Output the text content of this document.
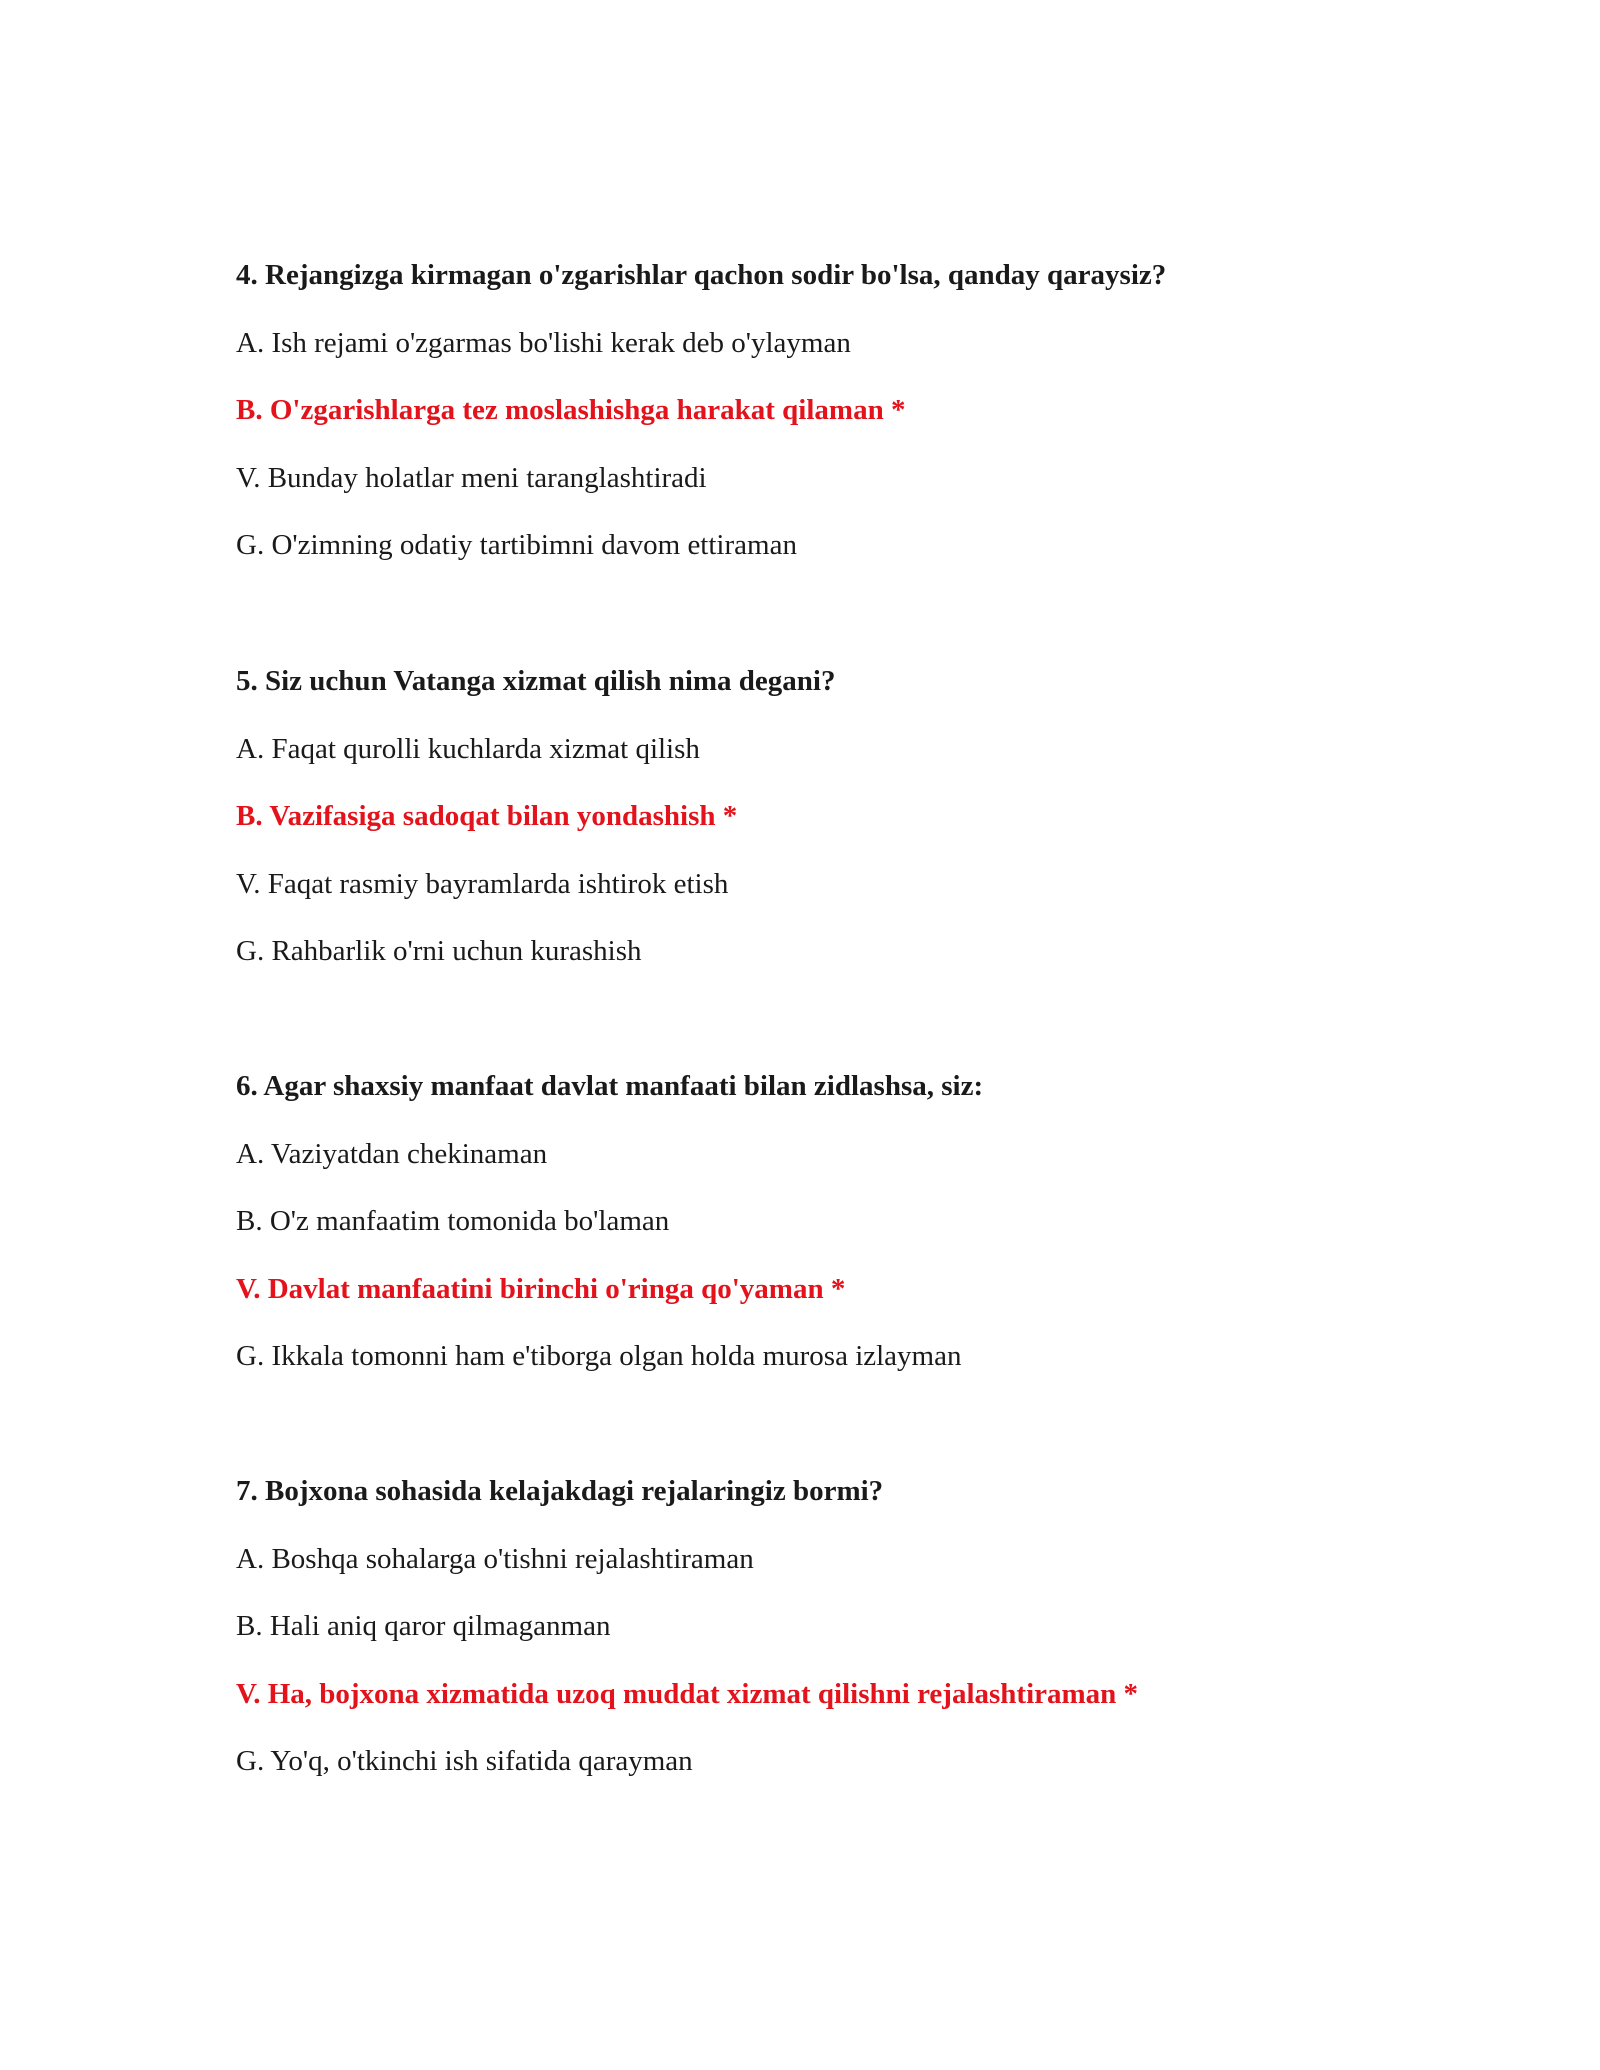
4. Rejangizga kirmagan o'zgarishlar qachon sodir bo'lsa, qanday qaraysiz?

A. Ish rejami o'zgarmas bo'lishi kerak deb o'ylayman
B. O'zgarishlarga tez moslashishga harakat qilaman *
V. Bunday holatlar meni taranglashtiradi
G. O'zimning odatiy tartibimni davom ettiraman

5. Siz uchun Vatanga xizmat qilish nima degani?

A. Faqat qurolli kuchlarda xizmat qilish
B. Vazifasiga sadoqat bilan yondashish *
V. Faqat rasmiy bayramlarda ishtirok etish
G. Rahbarlik o'rni uchun kurashish

6. Agar shaxsiy manfaat davlat manfaati bilan zidlashsa, siz:

A. Vaziyatdan chekinaman
B. O'z manfaatim tomonida bo'laman
V. Davlat manfaatini birinchi o'ringa qo'yaman *
G. Ikkala tomonni ham e'tiborga olgan holda murosa izlayman

7. Bojxona sohasida kelajakdagi rejalaringiz bormi?

A. Boshqa sohalarga o'tishni rejalashtiraman
B. Hali aniq qaror qilmaganman
V. Ha, bojxona xizmatida uzoq muddat xizmat qilishni rejalashtiraman *
G. Yo'q, o'tkinchi ish sifatida qarayman
